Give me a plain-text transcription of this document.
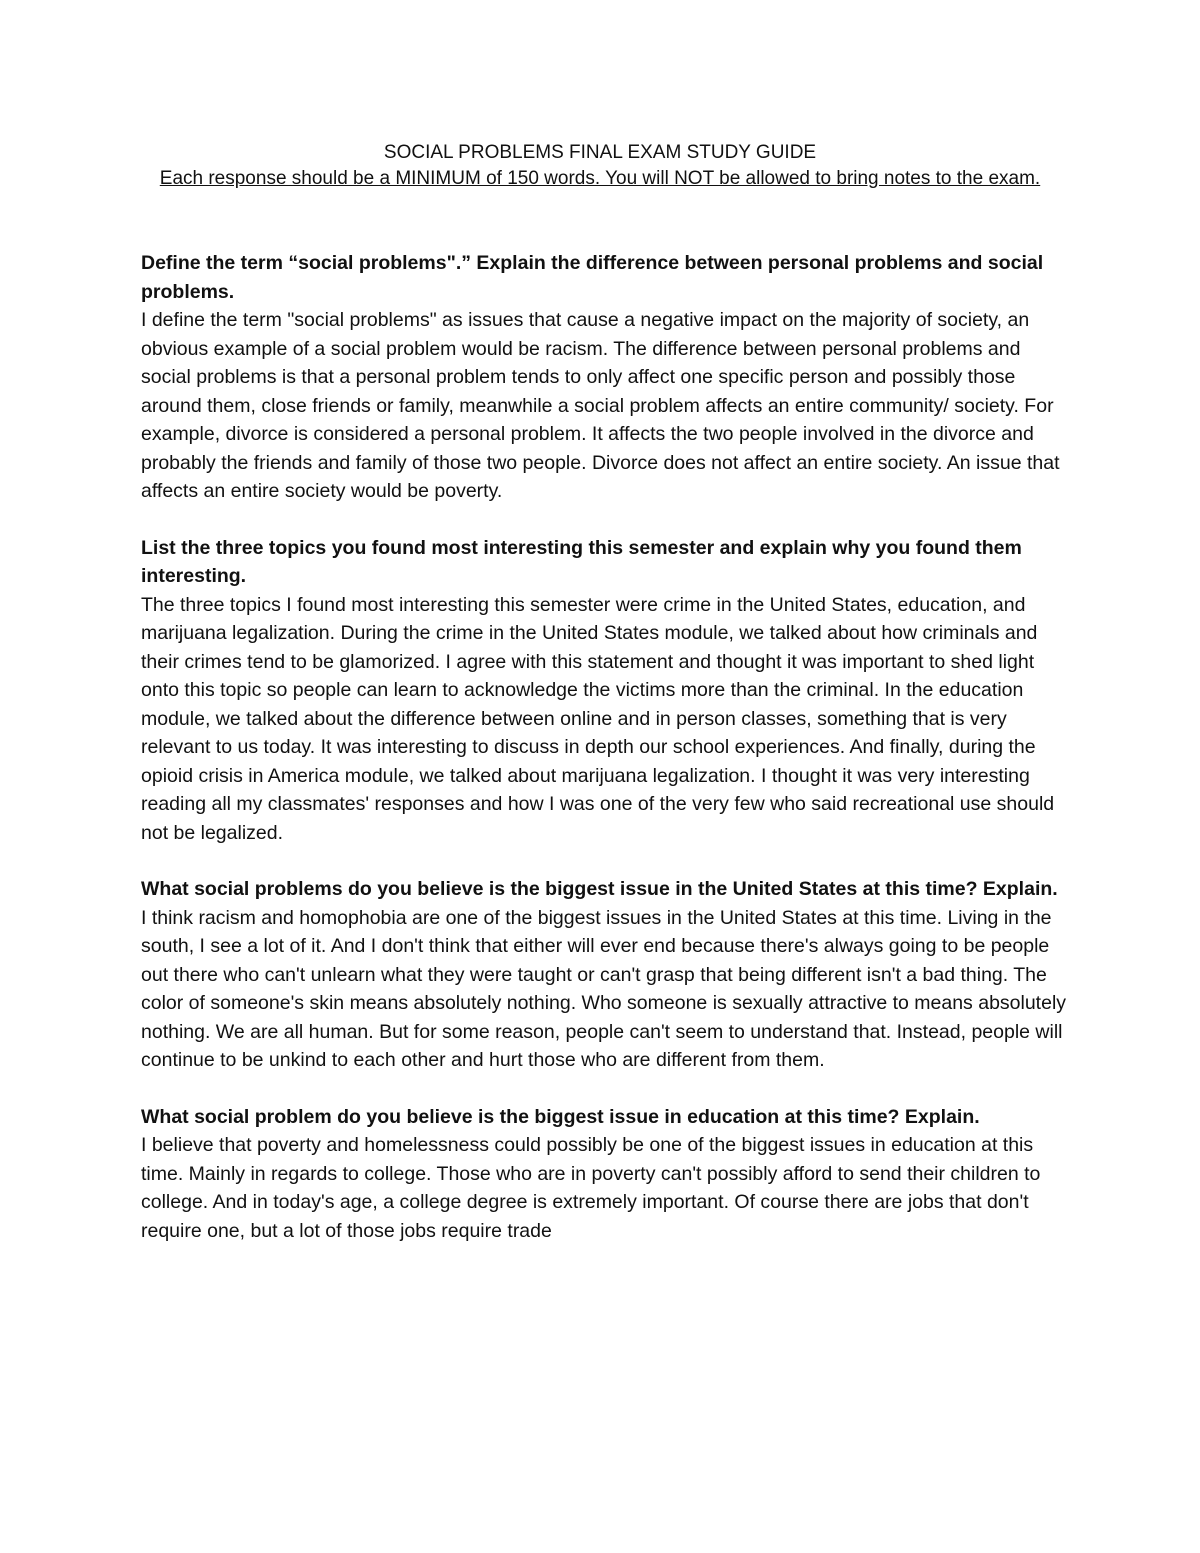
SOCIAL PROBLEMS FINAL EXAM STUDY GUIDE

Each response should be a MINIMUM of 150 words. You will NOT be allowed to bring notes to the exam.

Define the term “social problems".” Explain the difference between personal problems and social problems.

I define the term "social problems" as issues that cause a negative impact on the majority of society, an obvious example of a social problem would be racism. The difference between personal problems and social problems is that a personal problem tends to only affect one specific person and possibly those around them, close friends or family, meanwhile a social problem affects an entire community/ society. For example, divorce is considered a personal problem. It affects the two people involved in the divorce and probably the friends and family of those two people. Divorce does not affect an entire society. An issue that affects an entire society would be poverty.

List the three topics you found most interesting this semester and explain why you found them interesting.

The three topics I found most interesting this semester were crime in the United States, education, and marijuana legalization. During the crime in the United States module, we talked about how criminals and their crimes tend to be glamorized. I agree with this statement and thought it was important to shed light onto this topic so people can learn to acknowledge the victims more than the criminal. In the education module, we talked about the difference between online and in person classes, something that is very relevant to us today. It was interesting to discuss in depth our school experiences. And finally, during the opioid crisis in America module, we talked about marijuana legalization. I thought it was very interesting reading all my classmates' responses and how I was one of the very few who said recreational use should not be legalized.

What social problems do you believe is the biggest issue in the United States at this time? Explain.

I think racism and homophobia are one of the biggest issues in the United States at this time. Living in the south, I see a lot of it. And I don't think that either will ever end because there's always going to be people out there who can't unlearn what they were taught or can't grasp that being different isn't a bad thing. The color of someone's skin means absolutely nothing. Who someone is sexually attractive to means absolutely nothing. We are all human. But for some reason, people can't seem to understand that. Instead, people will continue to be unkind to each other and hurt those who are different from them.

What social problem do you believe is the biggest issue in education at this time? Explain.

I believe that poverty and homelessness could possibly be one of the biggest issues in education at this time. Mainly in regards to college. Those who are in poverty can't possibly afford to send their children to college. And in today's age, a college degree is extremely important. Of course there are jobs that don't require one, but a lot of those jobs require trade
